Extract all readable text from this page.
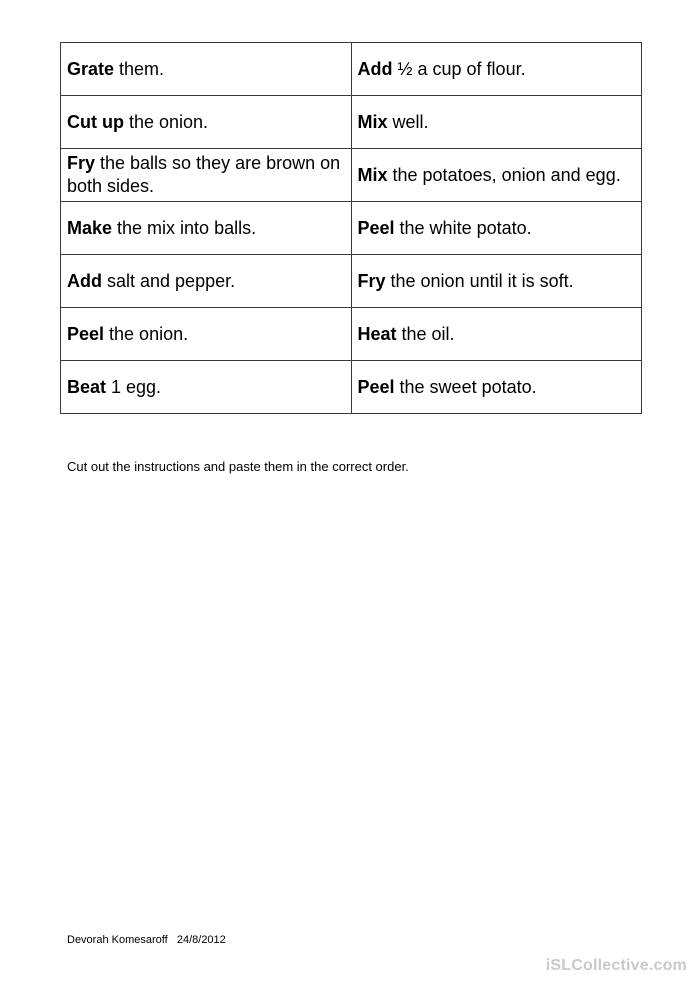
Grate them.	Add ½ a cup of flour.
Cut up the onion.	Mix well.
Fry the balls so they are brown on both sides.	Mix the potatoes, onion and egg.
Make the mix into balls.	Peel the white potato.
Add salt and pepper.	Fry the onion until it is soft.
Peel the onion.	Heat the oil.
Beat 1 egg.	Peel the sweet potato.
Cut out the instructions and paste them in the correct order.
Devorah Komesaroff   24/8/2012
iSLCollective.com
